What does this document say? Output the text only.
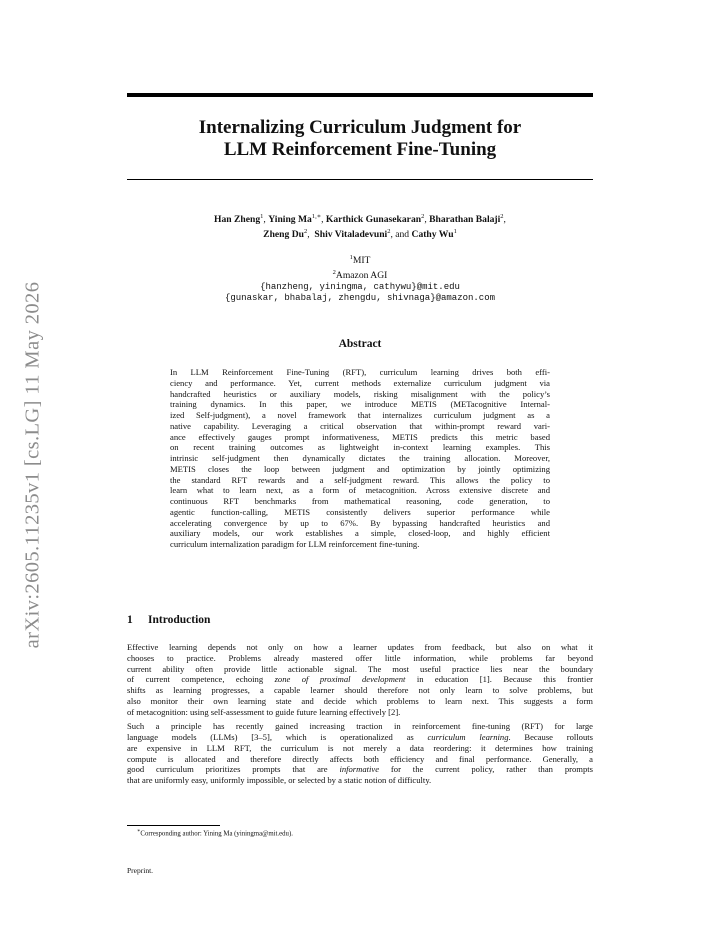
arXiv:2605.11235v1 [cs.LG] 11 May 2026
Internalizing Curriculum Judgment for
LLM Reinforcement Fine-Tuning
Han Zheng$^1$, Yining $Ma^{1,∗}$, Karthick Gunasekaran$^2$, Bharathan Balaji$^2$,
Zheng Du$^2$,  Shiv Vitaladevuni$^2$, and Cathy Wu$^1$
$^1$MIT
$^2$Amazon AGI
{hanzheng, yiningma, cathywu}@mit.edu
{gunaskar, bhabalaj, zhengdu, shivnaga}@amazon.com
Abstract
In LLM Reinforcement Fine-Tuning (RFT), curriculum learning drives both effi-
ciency and performance. Yet, current methods externalize curriculum judgment via
handcrafted heuristics or auxiliary models, risking misalignment with the policy’s
training dynamics. In this paper, we introduce METIS (METacognitive Internal-
ized Self-judgment), a novel framework that internalizes curriculum judgment as a
native capability. Leveraging a critical observation that within-prompt reward vari-
ance effectively gauges prompt informativeness, METIS predicts this metric based
on recent training outcomes as lightweight in-context learning examples. This
intrinsic self-judgment then dynamically dictates the training allocation. Moreover,
METIS closes the loop between judgment and optimization by jointly optimizing
the standard RFT rewards and a self-judgment reward. This allows the policy to
learn what to learn next, as a form of metacognition. Across extensive discrete and
continuous RFT benchmarks from mathematical reasoning, code generation, to
agentic function-calling, METIS consistently delivers superior performance while
accelerating convergence by up to 67%. By bypassing handcrafted heuristics and
auxiliary models, our work establishes a simple, closed-loop, and highly efficient
curriculum internalization paradigm for LLM reinforcement fine-tuning.
1 Introduction
Effective learning depends not only on how a learner updates from feedback, but also on what it
chooses to practice. Problems already mastered offer little information, while problems far beyond
current ability often provide little actionable signal. The most useful practice lies near the boundary
of current competence, echoing zone of proximal development in education [1]. Because this frontier
shifts as learning progresses, a capable learner should therefore not only learn to solve problems, but
also monitor their own learning state and decide which problems to learn next. This suggests a form
of metacognition: using self-assessment to guide future learning effectively [2].
Such a principle has recently gained increasing traction in reinforcement fine-tuning (RFT) for large
language models (LLMs) [3–5], which is operationalized as curriculum learning. Because rollouts
are expensive in LLM RFT, the curriculum is not merely a data reordering: it determines how training
compute is allocated and therefore directly affects both efficiency and final performance. Generally, a
good curriculum prioritizes prompts that are informative for the current policy, rather than prompts
that are uniformly easy, uniformly impossible, or selected by a static notion of difficulty.
∗Corresponding author: Yining Ma (yiningma@mit.edu).
Preprint.
